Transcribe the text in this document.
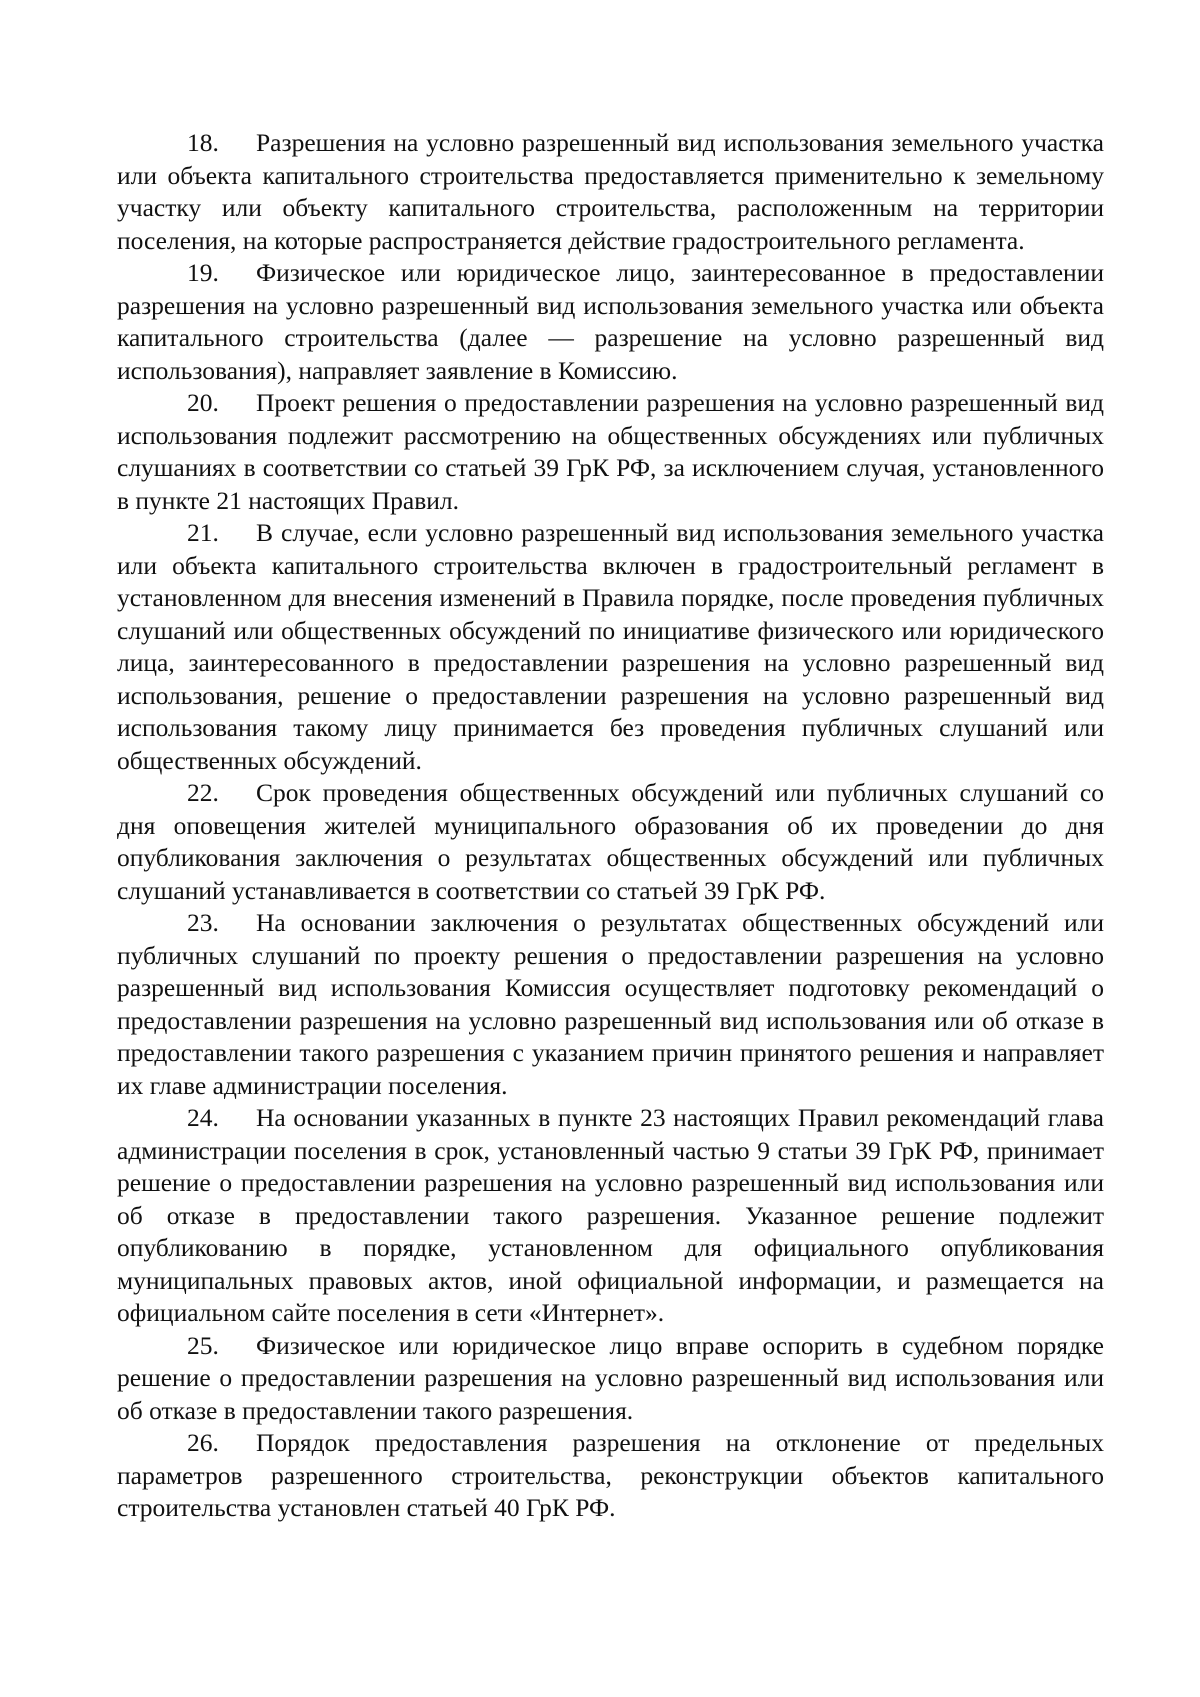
18. Разрешения на условно разрешенный вид использования земельного участка или объекта капитального строительства предоставляется применительно к земельному участку или объекту капитального строительства, расположенным на территории поселения, на которые распространяется действие градостроительного регламента.

19. Физическое или юридическое лицо, заинтересованное в предоставлении разрешения на условно разрешенный вид использования земельного участка или объекта капитального строительства (далее — разрешение на условно разрешенный вид использования), направляет заявление в Комиссию.

20. Проект решения о предоставлении разрешения на условно разрешенный вид использования подлежит рассмотрению на общественных обсуждениях или публичных слушаниях в соответствии со статьей 39 ГрК РФ, за исключением случая, установленного в пункте 21 настоящих Правил.

21. В случае, если условно разрешенный вид использования земельного участка или объекта капитального строительства включен в градостроительный регламент в установленном для внесения изменений в Правила порядке, после проведения публичных слушаний или общественных обсуждений по инициативе физического или юридического лица, заинтересованного в предоставлении разрешения на условно разрешенный вид использования, решение о предоставлении разрешения на условно разрешенный вид использования такому лицу принимается без проведения публичных слушаний или общественных обсуждений.

22. Срок проведения общественных обсуждений или публичных слушаний со дня оповещения жителей муниципального образования об их проведении до дня опубликования заключения о результатах общественных обсуждений или публичных слушаний устанавливается в соответствии со статьей 39 ГрК РФ.

23. На основании заключения о результатах общественных обсуждений или публичных слушаний по проекту решения о предоставлении разрешения на условно разрешенный вид использования Комиссия осуществляет подготовку рекомендаций о предоставлении разрешения на условно разрешенный вид использования или об отказе в предоставлении такого разрешения с указанием причин принятого решения и направляет их главе администрации поселения.

24. На основании указанных в пункте 23 настоящих Правил рекомендаций глава администрации поселения в срок, установленный частью 9 статьи 39 ГрК РФ, принимает решение о предоставлении разрешения на условно разрешенный вид использования или об отказе в предоставлении такого разрешения. Указанное решение подлежит опубликованию в порядке, установленном для официального опубликования муниципальных правовых актов, иной официальной информации, и размещается на официальном сайте поселения в сети «Интернет».

25. Физическое или юридическое лицо вправе оспорить в судебном порядке решение о предоставлении разрешения на условно разрешенный вид использования или об отказе в предоставлении такого разрешения.

26. Порядок предоставления разрешения на отклонение от предельных параметров разрешенного строительства, реконструкции объектов капитального строительства установлен статьей 40 ГрК РФ.
